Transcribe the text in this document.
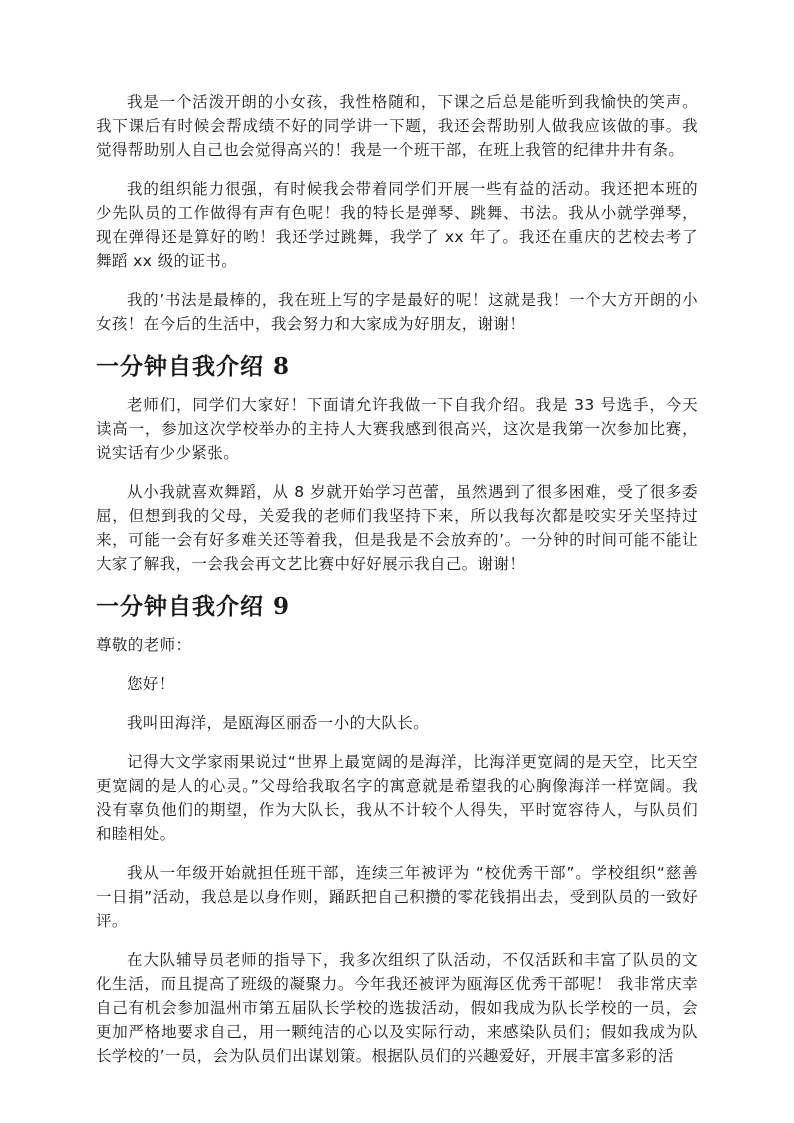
我是一个活泼开朗的小女孩，我性格随和，下课之后总是能听到我愉快的笑声。我下课后有时候会帮成绩不好的同学讲一下题，我还会帮助别人做我应该做的事。我觉得帮助别人自己也会觉得高兴的！我是一个班干部，在班上我管的纪律井井有条。

我的组织能力很强，有时候我会带着同学们开展一些有益的活动。我还把本班的少先队员的工作做得有声有色呢！我的特长是弹琴、跳舞、书法。我从小就学弹琴，现在弹得还是算好的哟！我还学过跳舞，我学了 xx 年了。我还在重庆的艺校去考了舞蹈 xx 级的证书。

我的’书法是最棒的，我在班上写的字是最好的呢！这就是我！一个大方开朗的小女孩！在今后的生活中，我会努力和大家成为好朋友，谢谢！

一分钟自我介绍 8

老师们，同学们大家好！下面请允许我做一下自我介绍。我是 33 号选手，今天读高一，参加这次学校举办的主持人大赛我感到很高兴，这次是我第一次参加比赛，说实话有少少紧张。

从小我就喜欢舞蹈，从 8 岁就开始学习芭蕾，虽然遇到了很多困难，受了很多委屈，但想到我的父母，关爱我的老师们我坚持下来，所以我每次都是咬实牙关坚持过来，可能一会有好多难关还等着我，但是我是不会放弃的’。一分钟的时间可能不能让大家了解我，一会我会再文艺比赛中好好展示我自己。谢谢！

一分钟自我介绍 9

尊敬的老师：

您好！

我叫田海洋，是瓯海区丽岙一小的大队长。

记得大文学家雨果说过“世界上最宽阔的是海洋，比海洋更宽阔的是天空，比天空更宽阔的是人的心灵。”父母给我取名字的寓意就是希望我的心胸像海洋一样宽阔。我没有辜负他们的期望，作为大队长，我从不计较个人得失，平时宽容待人，与队员们和睦相处。

我从一年级开始就担任班干部，连续三年被评为 “校优秀干部”。学校组织“慈善一日捐”活动，我总是以身作则，踊跃把自己积攒的零花钱捐出去，受到队员的一致好评。

在大队辅导员老师的指导下，我多次组织了队活动，不仅活跃和丰富了队员的文化生活，而且提高了班级的凝聚力。今年我还被评为瓯海区优秀干部呢！ 我非常庆幸自己有机会参加温州市第五届队长学校的选拔活动，假如我成为队长学校的一员，会更加严格地要求自己，用一颗纯洁的心以及实际行动，来感染队员们；假如我成为队长学校的’一员，会为队员们出谋划策。根据队员们的兴趣爱好，开展丰富多彩的活
